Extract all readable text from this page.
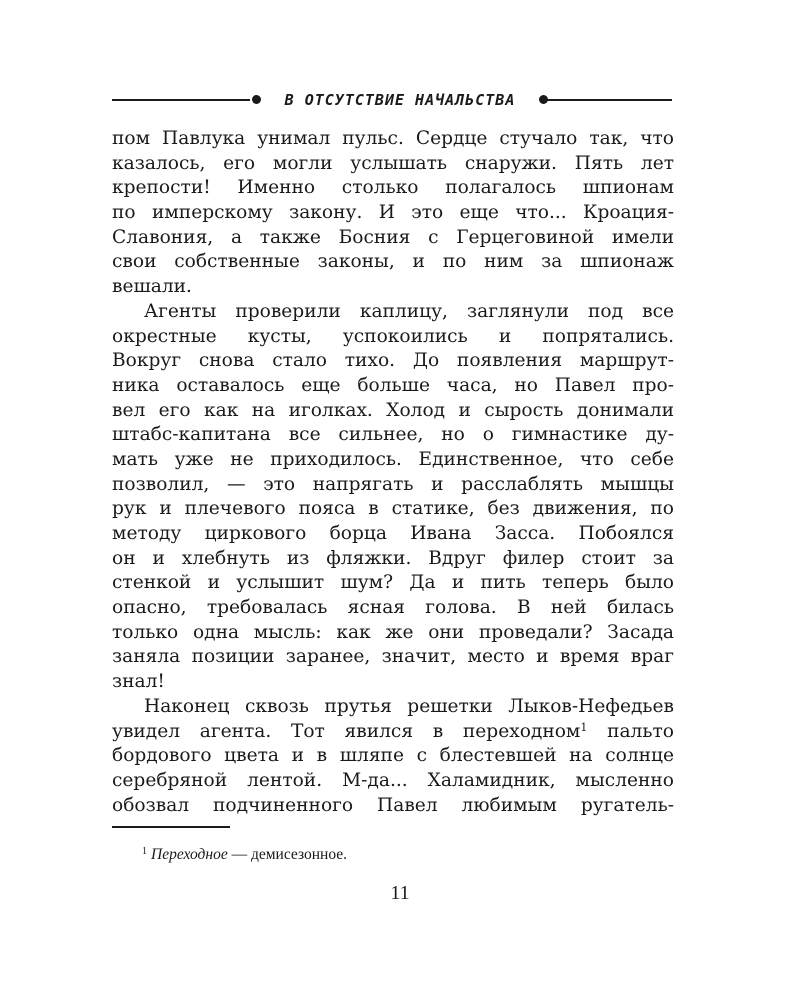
В ОТСУТСТВИЕ НАЧАЛЬСТВА
пом Павлука унимал пульс. Сердце стучало так, что
казалось, его могли услышать снаружи. Пять лет
крепости! Именно столько полагалось шпионам
по имперскому закону. И это еще что... Кроация-
Славония, а также Босния с Герцеговиной имели
свои собственные законы, и по ним за шпионаж
вешали.
Агенты проверили каплицу, заглянули под все
окрестные кусты, успокоились и попрятались.
Вокруг снова стало тихо. До появления маршрут-
ника оставалось еще больше часа, но Павел про-
вел его как на иголках. Холод и сырость донимали
штабс-капитана все сильнее, но о гимнастике ду-
мать уже не приходилось. Единственное, что себе
позволил, — это напрягать и расслаблять мышцы
рук и плечевого пояса в статике, без движения, по
методу циркового борца Ивана Засса. Побоялся
он и хлебнуть из фляжки. Вдруг филер стоит за
стенкой и услышит шум? Да и пить теперь было
опасно, требовалась ясная голова. В ней билась
только одна мысль: как же они проведали? Засада
заняла позиции заранее, значит, место и время враг
знал!
Наконец сквозь прутья решетки Лыков-Нефедьев
увидел агента. Тот явился в переходном$^1$ пальто
бордового цвета и в шляпе с блестевшей на солнце
серебряной лентой. М-да... Халамидник, мысленно
обозвал подчиненного Павел любимым ругатель-
$^1$ Переходное — демисезонное.
11
